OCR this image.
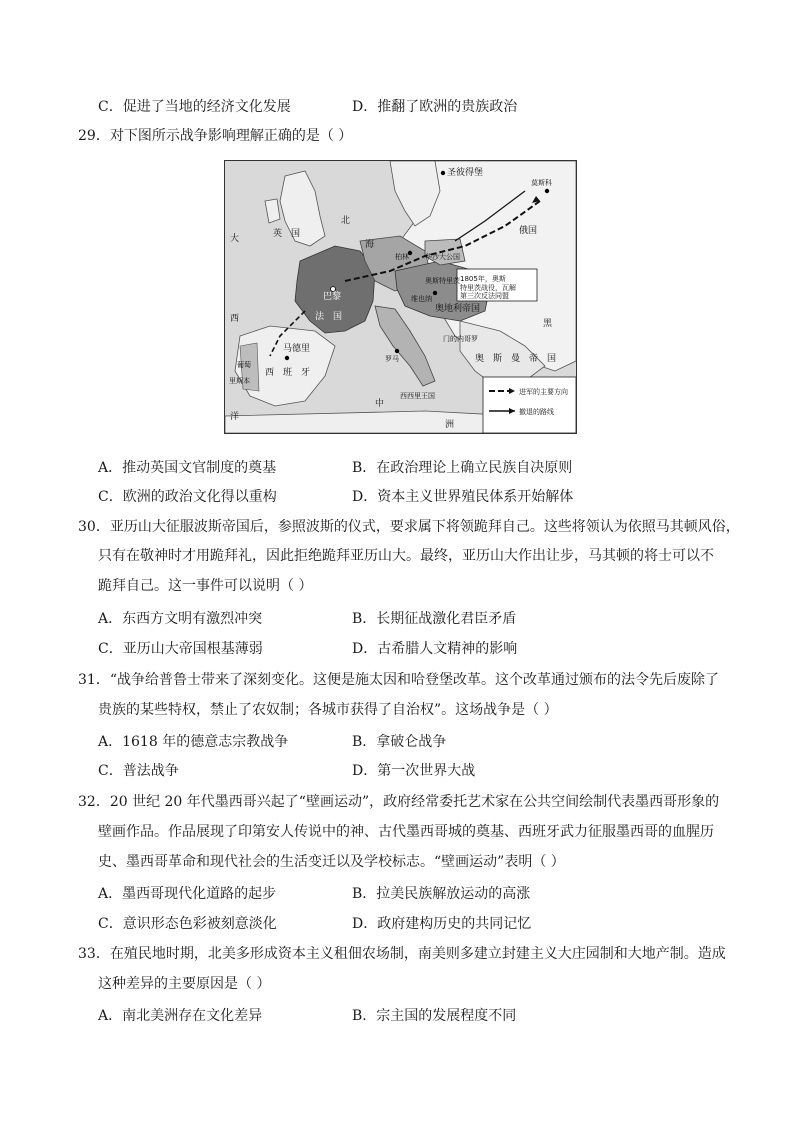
C．促进了当地的经济文化发展	D．推翻了欧洲的贵族政治
29．对下图所示战争影响理解正确的是（ ）
圣彼得堡
莫斯科
大	英　国
北
海
俄国
柏林 华沙大公国
1805年，奥斯
特里茨战役，瓦解
第三次反法同盟
奥斯特里茨
巴黎
法　国
西
维也纳
奥地利帝国
门的内哥罗
马德里
西　班　牙
葡萄
里斯本
洋
罗马	奥　斯　曼　帝　国
中
西西里王国
洲
黑
进军的主要方向
撤退的路线
A．推动英国文官制度的奠基	B．在政治理论上确立民族自决原则
C．欧洲的政治文化得以重构	D．资本主义世界殖民体系开始解体
30．亚历山大征服波斯帝国后，参照波斯的仪式，要求属下将领跪拜自己。这些将领认为依照马其顿风俗，
只有在敬神时才用跪拜礼，因此拒绝跪拜亚历山大。最终，亚历山大作出让步，马其顿的将士可以不
跪拜自己。这一事件可以说明（ ）
A．东西方文明有激烈冲突	B．长期征战激化君臣矛盾
C．亚历山大帝国根基薄弱	D．古希腊人文精神的影响
31．“战争给普鲁士带来了深刻变化。这便是施太因和哈登堡改革。这个改革通过颁布的法令先后废除了
贵族的某些特权，禁止了农奴制；各城市获得了自治权”。这场战争是（ ）
A．1618 年的德意志宗教战争	B．拿破仑战争
C．普法战争	D．第一次世界大战
32．20 世纪 20 年代墨西哥兴起了“壁画运动”，政府经常委托艺术家在公共空间绘制代表墨西哥形象的
壁画作品。作品展现了印第安人传说中的神、古代墨西哥城的奠基、西班牙武力征服墨西哥的血腥历
史、墨西哥革命和现代社会的生活变迁以及学校标志。“壁画运动”表明（ ）
A．墨西哥现代化道路的起步	B．拉美民族解放运动的高涨
C．意识形态色彩被刻意淡化	D．政府建构历史的共同记忆
33．在殖民地时期，北美多形成资本主义租佃农场制，南美则多建立封建主义大庄园制和大地产制。造成
这种差异的主要原因是（ ）
A．南北美洲存在文化差异	B．宗主国的发展程度不同
